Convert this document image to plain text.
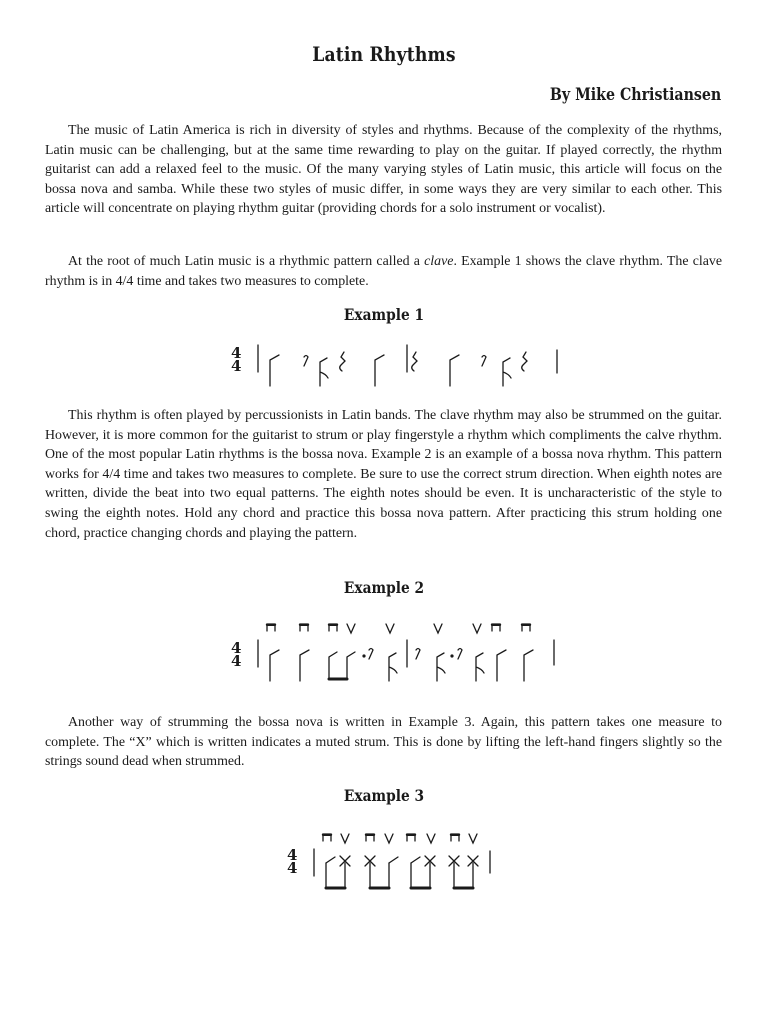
Latin Rhythms
By Mike Christiansen

The music of Latin America is rich in diversity of styles and rhythms. Because of the complexity of the rhythms, Latin music can be challenging, but at the same time rewarding to play on the guitar. If played correctly, the rhythm guitarist can add a relaxed feel to the music. Of the many varying styles of Latin music, this article will focus on the bossa nova and samba. While these two styles of music differ, in some ways they are very similar to each other. This article will concentrate on playing rhythm guitar (providing chords for a solo instrument or vocalist).

At the root of much Latin music is a rhythmic pattern called a clave. Example 1 shows the clave rhythm. The clave rhythm is in 4/4 time and takes two measures to complete.

Example 1
4
4

This rhythm is often played by percussionists in Latin bands. The clave rhythm may also be strummed on the guitar. However, it is more common for the guitarist to strum or play fingerstyle a rhythm which compliments the calve rhythm. One of the most popular Latin rhythms is the bossa nova. Example 2 is an example of a bossa nova rhythm. This pattern works for 4/4 time and takes two measures to complete. Be sure to use the correct strum direction. When eighth notes are written, divide the beat into two equal patterns. The eighth notes should be even. It is uncharacteristic of the style to swing the eighth notes. Hold any chord and practice this bossa nova pattern. After practicing this strum holding one chord, practice changing chords and playing the pattern.

Example 2
4
4

Another way of strumming the bossa nova is written in Example 3. Again, this pattern takes one measure to complete. The “X” which is written indicates a muted strum. This is done by lifting the left-hand fingers slightly so the strings sound dead when strummed.

Example 3
4
4
